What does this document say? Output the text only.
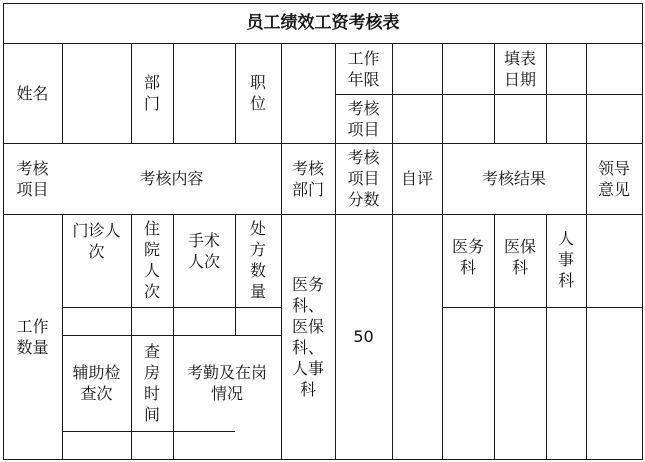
员工绩效工资考核表
姓名
部
门
职
位
工作
年限
考核
项目
填表
日期
考核
项目
考核内容
考核
部门
考核
项目
分数
自评	考核结果
领导
意见
工作
数量
门诊人
次
住
院
人
次
手术
人次
处
方
数
量
辅助检
查次
查
房
时
间
考勤及在岗
情况
医务
科、
医保
科、
人事
科
50
医务
科
医保
科
人
事
科
